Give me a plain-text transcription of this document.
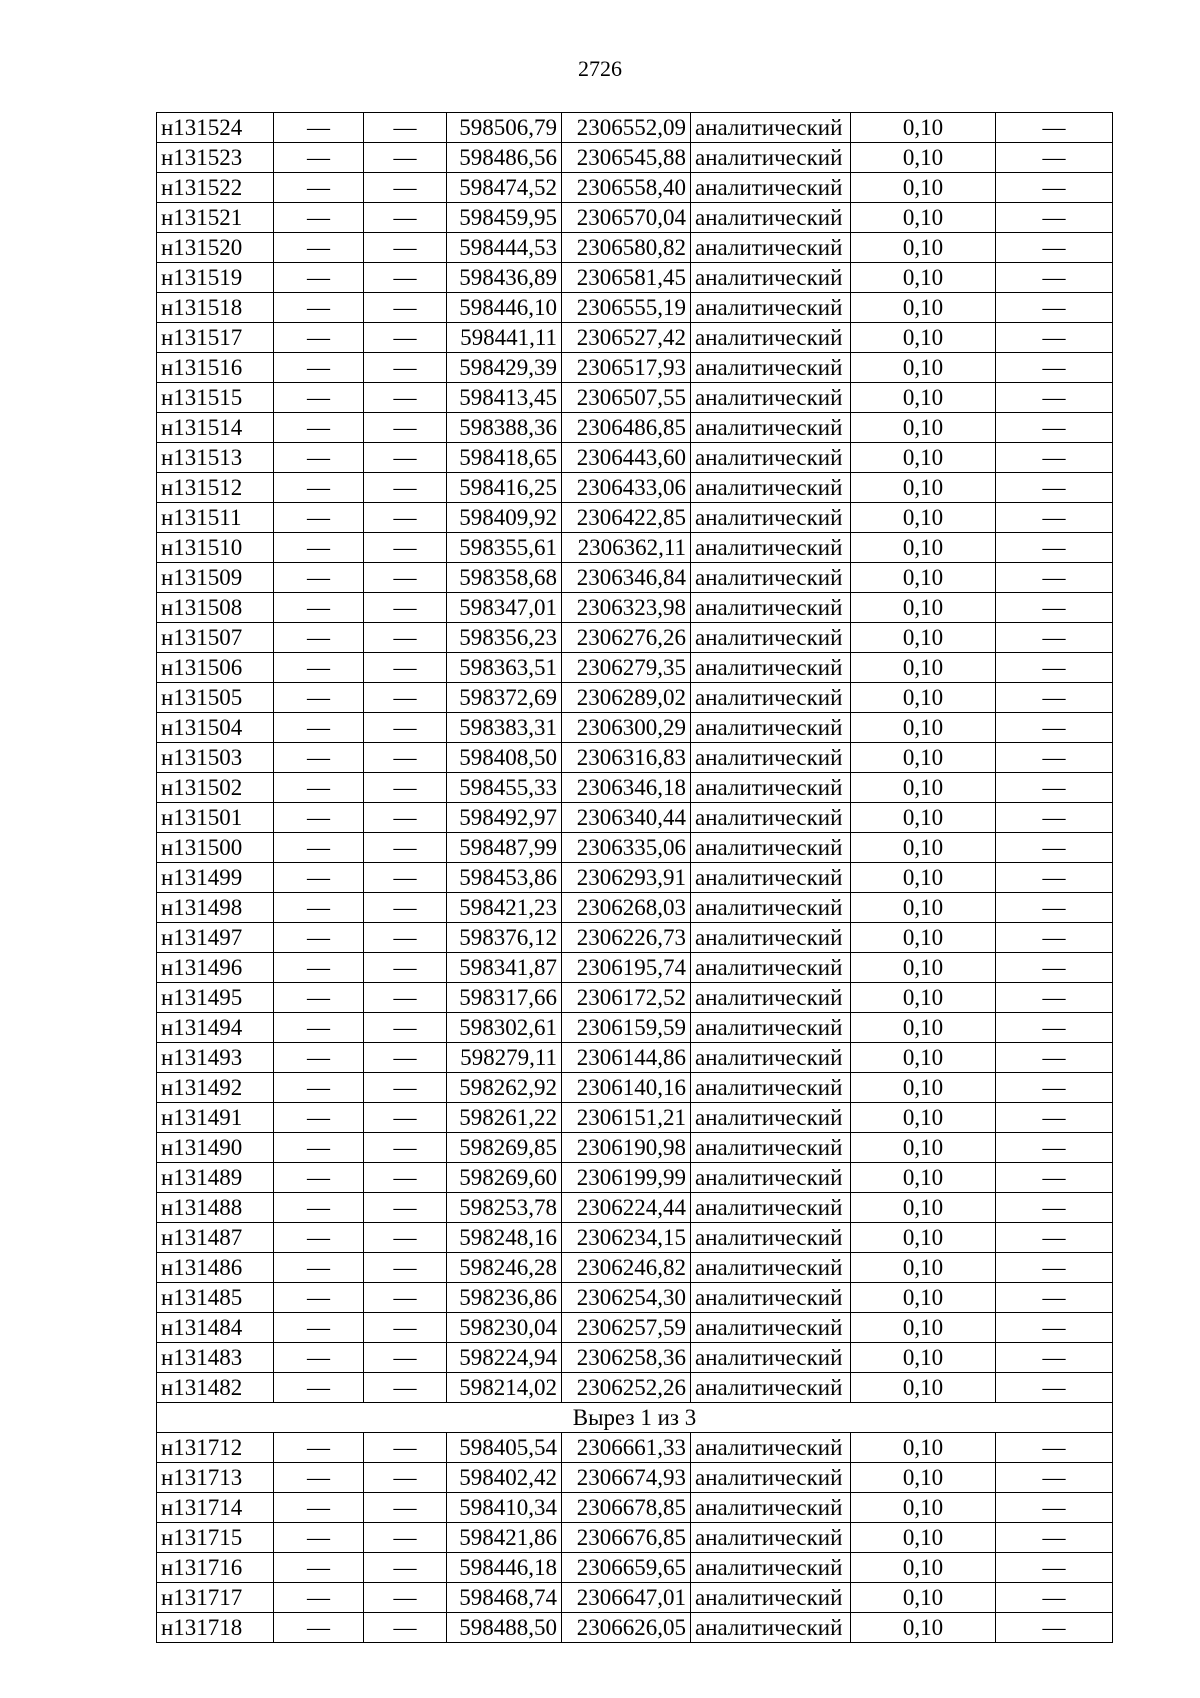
2726
н131524	—	—	598506,79	2306552,09	аналитический	0,10	—
н131523	—	—	598486,56	2306545,88	аналитический	0,10	—
н131522	—	—	598474,52	2306558,40	аналитический	0,10	—
н131521	—	—	598459,95	2306570,04	аналитический	0,10	—
н131520	—	—	598444,53	2306580,82	аналитический	0,10	—
н131519	—	—	598436,89	2306581,45	аналитический	0,10	—
н131518	—	—	598446,10	2306555,19	аналитический	0,10	—
н131517	—	—	598441,11	2306527,42	аналитический	0,10	—
н131516	—	—	598429,39	2306517,93	аналитический	0,10	—
н131515	—	—	598413,45	2306507,55	аналитический	0,10	—
н131514	—	—	598388,36	2306486,85	аналитический	0,10	—
н131513	—	—	598418,65	2306443,60	аналитический	0,10	—
н131512	—	—	598416,25	2306433,06	аналитический	0,10	—
н131511	—	—	598409,92	2306422,85	аналитический	0,10	—
н131510	—	—	598355,61	2306362,11	аналитический	0,10	—
н131509	—	—	598358,68	2306346,84	аналитический	0,10	—
н131508	—	—	598347,01	2306323,98	аналитический	0,10	—
н131507	—	—	598356,23	2306276,26	аналитический	0,10	—
н131506	—	—	598363,51	2306279,35	аналитический	0,10	—
н131505	—	—	598372,69	2306289,02	аналитический	0,10	—
н131504	—	—	598383,31	2306300,29	аналитический	0,10	—
н131503	—	—	598408,50	2306316,83	аналитический	0,10	—
н131502	—	—	598455,33	2306346,18	аналитический	0,10	—
н131501	—	—	598492,97	2306340,44	аналитический	0,10	—
н131500	—	—	598487,99	2306335,06	аналитический	0,10	—
н131499	—	—	598453,86	2306293,91	аналитический	0,10	—
н131498	—	—	598421,23	2306268,03	аналитический	0,10	—
н131497	—	—	598376,12	2306226,73	аналитический	0,10	—
н131496	—	—	598341,87	2306195,74	аналитический	0,10	—
н131495	—	—	598317,66	2306172,52	аналитический	0,10	—
н131494	—	—	598302,61	2306159,59	аналитический	0,10	—
н131493	—	—	598279,11	2306144,86	аналитический	0,10	—
н131492	—	—	598262,92	2306140,16	аналитический	0,10	—
н131491	—	—	598261,22	2306151,21	аналитический	0,10	—
н131490	—	—	598269,85	2306190,98	аналитический	0,10	—
н131489	—	—	598269,60	2306199,99	аналитический	0,10	—
н131488	—	—	598253,78	2306224,44	аналитический	0,10	—
н131487	—	—	598248,16	2306234,15	аналитический	0,10	—
н131486	—	—	598246,28	2306246,82	аналитический	0,10	—
н131485	—	—	598236,86	2306254,30	аналитический	0,10	—
н131484	—	—	598230,04	2306257,59	аналитический	0,10	—
н131483	—	—	598224,94	2306258,36	аналитический	0,10	—
н131482	—	—	598214,02	2306252,26	аналитический	0,10	—
Вырез 1 из 3							
н131712	—	—	598405,54	2306661,33	аналитический	0,10	—
н131713	—	—	598402,42	2306674,93	аналитический	0,10	—
н131714	—	—	598410,34	2306678,85	аналитический	0,10	—
н131715	—	—	598421,86	2306676,85	аналитический	0,10	—
н131716	—	—	598446,18	2306659,65	аналитический	0,10	—
н131717	—	—	598468,74	2306647,01	аналитический	0,10	—
н131718	—	—	598488,50	2306626,05	аналитический	0,10	—
